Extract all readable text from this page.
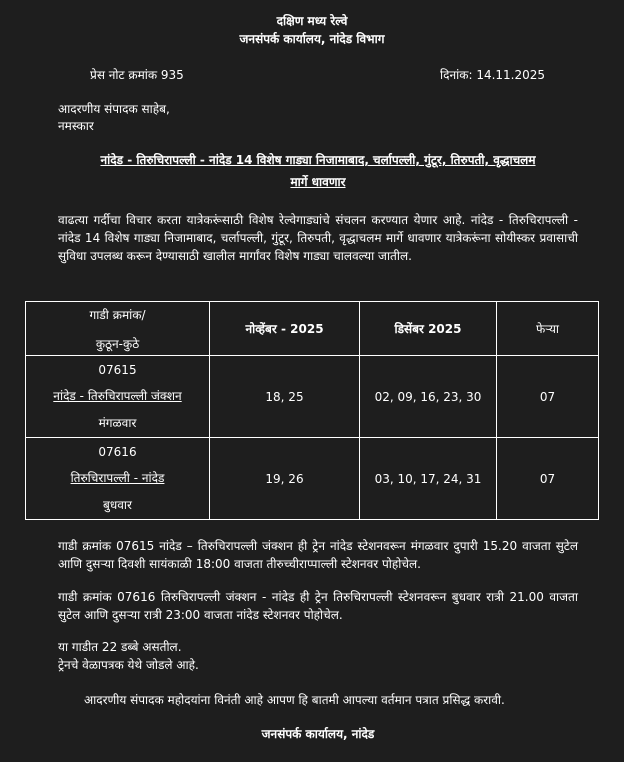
दक्षिण मध्य रेल्वे
जनसंपर्क कार्यालय, नांदेड विभाग
प्रेस नोट क्रमांक 935	दिनांक: 14.11.2025
आदरणीय संपादक साहेब,
नमस्कार
नांदेड - तिरुचिरापल्ली - नांदेड 14 विशेष गाड्या निजामाबाद, चर्लापल्ली, गुंटूर, तिरुपती, वृद्धाचलम
मार्गे धावणार
वाढत्या गर्दीचा विचार करता यात्रेकरूंसाठी विशेष रेल्वेगाड्यांचे संचलन करण्यात येणार आहे. नांदेड - तिरुचिरापल्ली - नांदेड 14 विशेष गाड्या निजामाबाद, चर्लापल्ली, गुंटूर, तिरुपती, वृद्धाचलम मार्गे धावणार यात्रेकरूंना सोयीस्कर प्रवासाची सुविधा उपलब्ध करून देण्यासाठी खालील मार्गांवर विशेष गाड्या चालवल्या जातील.
गाडी क्रमांक/
कुठून-कुठे	नोव्हेंबर - 2025	डिसेंबर 2025	फेऱ्या

07615
नांदेड - तिरुचिरापल्ली जंक्शन
मंगळवार	18, 25	02, 09, 16, 23, 30	07

07616
तिरुचिरापल्ली - नांदेड
बुधवार	19, 26	03, 10, 17, 24, 31	07
गाडी क्रमांक 07615 नांदेड – तिरुचिरापल्ली जंक्शन ही ट्रेन नांदेड स्टेशनवरून मंगळवार दुपारी 15.20 वाजता सुटेल आणि दुसऱ्या दिवशी सायंकाळी 18:00 वाजता तीरुच्चीराप्पाल्ली स्टेशनवर पोहोचेल.
गाडी क्रमांक 07616 तिरुचिरापल्ली जंक्शन - नांदेड ही ट्रेन तिरुचिरापल्ली स्टेशनवरून बुधवार रात्री 21.00 वाजता सुटेल आणि दुसऱ्या रात्री 23:00 वाजता नांदेड स्टेशनवर पोहोचेल.
या गाडीत 22 डब्बे असतील.
ट्रेनचे वेळापत्रक येथे जोडले आहे.
आदरणीय संपादक महोदयांना विनंती आहे आपण हि बातमी आपल्या वर्तमान पत्रात प्रसिद्ध करावी.
जनसंपर्क कार्यालय, नांदेड
